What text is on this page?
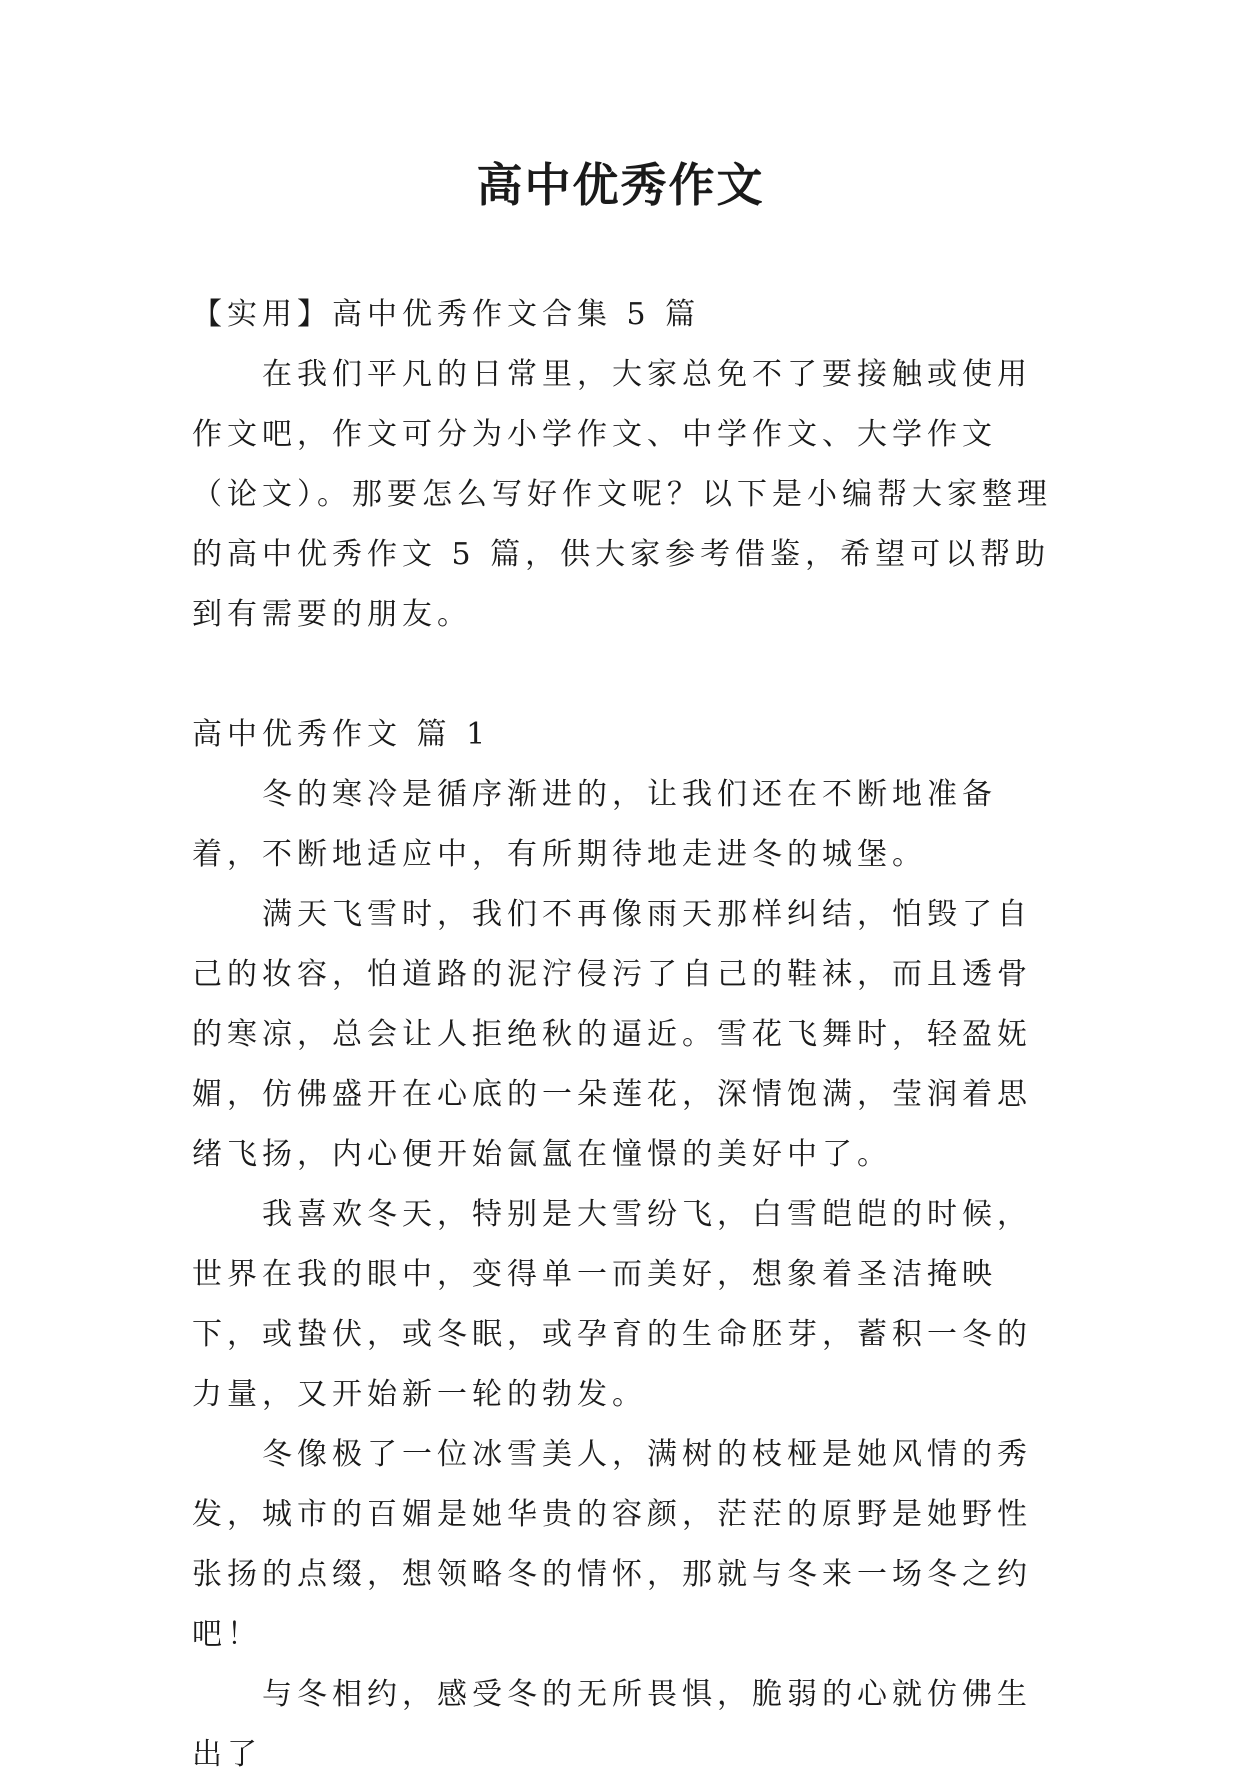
高中优秀作文

【实用】高中优秀作文合集 5 篇

在我们平凡的日常里，大家总免不了要接触或使用作文吧，作文可分为小学作文、中学作文、大学作文（论文）。那要怎么写好作文呢？以下是小编帮大家整理的高中优秀作文 5 篇，供大家参考借鉴，希望可以帮助到有需要的朋友。

高中优秀作文 篇 1

冬的寒冷是循序渐进的，让我们还在不断地准备着，不断地适应中，有所期待地走进冬的城堡。

满天飞雪时，我们不再像雨天那样纠结，怕毁了自己的妆容，怕道路的泥泞侵污了自己的鞋袜，而且透骨的寒凉，总会让人拒绝秋的逼近。雪花飞舞时，轻盈妩媚，仿佛盛开在心底的一朵莲花，深情饱满，莹润着思绪飞扬，内心便开始氤氲在憧憬的美好中了。

我喜欢冬天，特别是大雪纷飞，白雪皑皑的时候，世界在我的眼中，变得单一而美好，想象着圣洁掩映下，或蛰伏，或冬眠，或孕育的生命胚芽，蓄积一冬的力量，又开始新一轮的勃发。

冬像极了一位冰雪美人，满树的枝桠是她风情的秀发，城市的百媚是她华贵的容颜，茫茫的原野是她野性张扬的点缀，想领略冬的情怀，那就与冬来一场冬之约吧！

与冬相约，感受冬的无所畏惧，脆弱的心就仿佛生出了
